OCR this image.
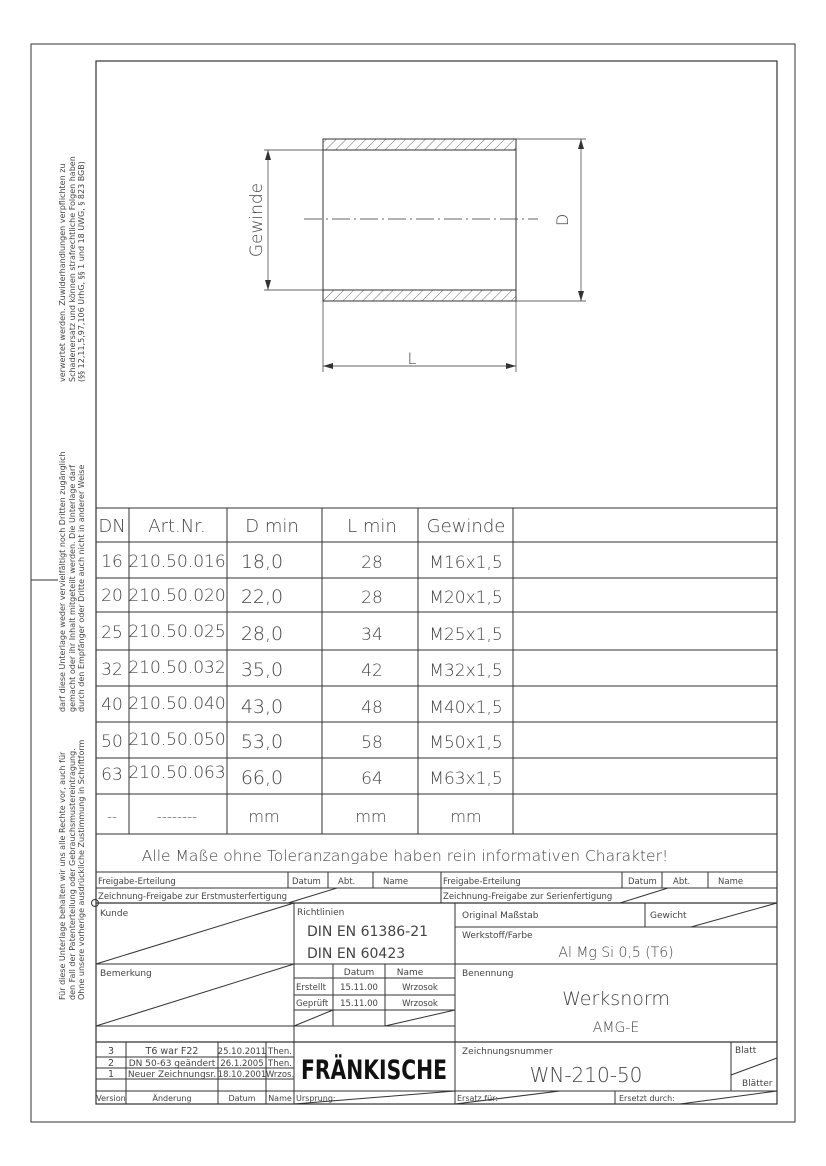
verwertet werden. Zuwiderhandlungen verpflichten zu Schadenersatz und können strafrechtliche Folgen haben (§§ 12,11,5,97,106 UrhG, §§ 1 und 18 UWG, § 823 BGB)
darf diese Unterlage weder vervielfältigt noch Dritten zugänglich gemacht oder ihr Inhalt mitgeteilt werden. Die Unterlage darf durch den Empfänger oder Dritte auch nicht in anderer Weise
Für diese Unterlage behalten wir uns alle Rechte vor, auch für den Fall der Patenterteilung oder Gebrauchsmustereintragung. Ohne unsere vorherige ausdrückliche Zustimmung in Schriftform
Gewinde	D
L
DN Art.Nr. D min	L min Gewinde
16 210.50.016 18,0	28	M16x1,5
20 210.50.020 22,0	28	M20x1,5
25 210.50.025 28,0	34	M25x1,5
32 210.50.032 35,0	42	M32x1,5
40 210.50.040 43,0	48	M40x1,5
50 210.50.050 53,0	58	M50x1,5
63 210.50.063 66,0	64	M63x1,5
--	--------	mm	mm	mm
Alle Maße ohne Toleranzangabe haben rein informativen Charakter!
Freigabe-Erteilung
Zeichnung-Freigabe zur Erstmusterfertigung
Datum Abt.	Name	Freigabe-Erteilung
Zeichnung-Freigabe zur Serienfertigung
Datum Abt.	Name
Kunde	Richtlinien
DIN EN 61386-21
DIN EN 60423
Original Maßstab	Gewicht
Werkstoff/Farbe
Al Mg Si 0,5 (T6)
Bemerkung	Datum Name
Erstellt 15.11.00	Wrzosok
Geprüft 15.11.00	Wrzosok
Benennung
Werksnorm
AMG-E
Zeichnungsnummer
WN-210-50
Blatt
Blätter
Ersatz für:	Ersetzt durch:
Ursprung:
FRÄNKISCHE
3	T6 war F22 25.10.2011 Then.
2 DN 50-63 geändert 26.1.2005 Then.
1 Neuer Zeichnungsr. 18.10.2001 Wrzos.
Version	Änderung	Datum Name
